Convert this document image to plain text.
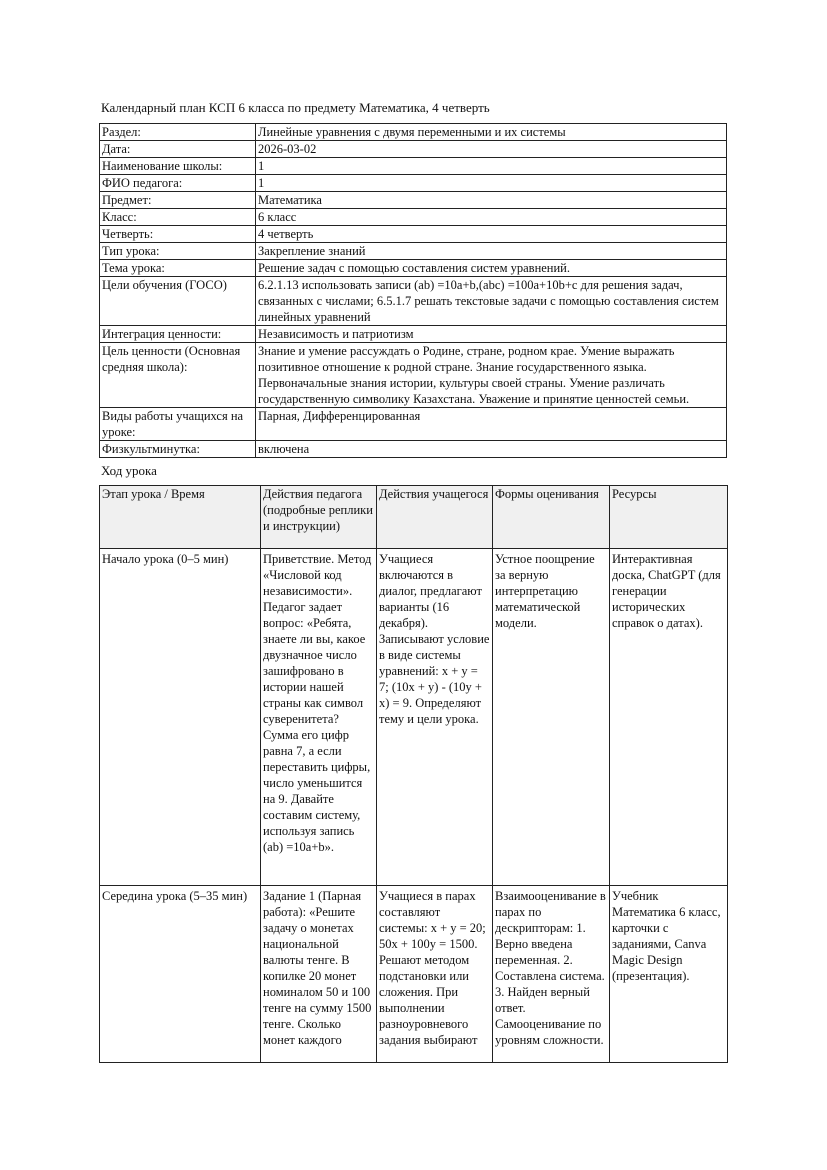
Календарный план КСП 6 класса по предмету Математика, 4 четверть
Раздел:	Линейные уравнения с двумя переменными и их системы
Дата:	2026-03-02
Наименование школы:	1
ФИО педагога:	1
Предмет:	Математика
Класс:	6 класс
Четверть:	4 четверть
Тип урока:	Закрепление знаний
Тема урока:	Решение задач с помощью составления систем уравнений.
Цели обучения (ГОСО)	6.2.1.13 использовать записи (ab) =10a+b,(abc) =100a+10b+c для решения задач, связанных с числами; 6.5.1.7 решать текстовые задачи с помощью составления систем линейных уравнений
Интеграция ценности:	Независимость и патриотизм
Цель ценности (Основная средняя школа):	Знание и умение рассуждать о Родине, стране, родном крае. Умение выражать позитивное отношение к родной стране. Знание государственного языка. Первоначальные знания истории, культуры своей страны. Умение различать государственную символику Казахстана. Уважение и принятие ценностей семьи.
Виды работы учащихся на уроке:	Парная, Дифференцированная
Физкультминутка:	включена
Ход урока
Этап урока / Время	Действия педагога (подробные реплики и инструкции)	Действия учащегося	Формы оценивания	Ресурсы
Начало урока (0–5 мин)	Приветствие. Метод «Числовой код независимости». Педагог задает вопрос: «Ребята, знаете ли вы, какое двузначное число зашифровано в истории нашей страны как символ суверенитета? Сумма его цифр равна 7, а если переставить цифры, число уменьшится на 9. Давайте составим систему, используя запись (ab) =10a+b».	Учащиеся включаются в диалог, предлагают варианты (16 декабря). Записывают условие в виде системы уравнений: x + y = 7; (10x + y) - (10y + x) = 9. Определяют тему и цели урока.	Устное поощрение за верную интерпретацию математической модели.	Интерактивная доска, ChatGPT (для генерации исторических справок о датах).

Середина урока (5–35 мин)	Задание 1 (Парная работа): «Решите задачу о монетах национальной валюты тенге. В копилке 20 монет номиналом 50 и 100 тенге на сумму 1500 тенге. Сколько монет каждого	Учащиеся в парах составляют системы: x + y = 20; 50x + 100y = 1500. Решают методом подстановки или сложения. При выполнении разноуровневого задания выбирают	Взаимооценивание в парах по дескрипторам: 1. Верно введена переменная. 2. Составлена система. 3. Найден верный ответ. Самооценивание по уровням сложности.	Учебник Математика 6 класс, карточки с заданиями, Canva Magic Design (презентация).
